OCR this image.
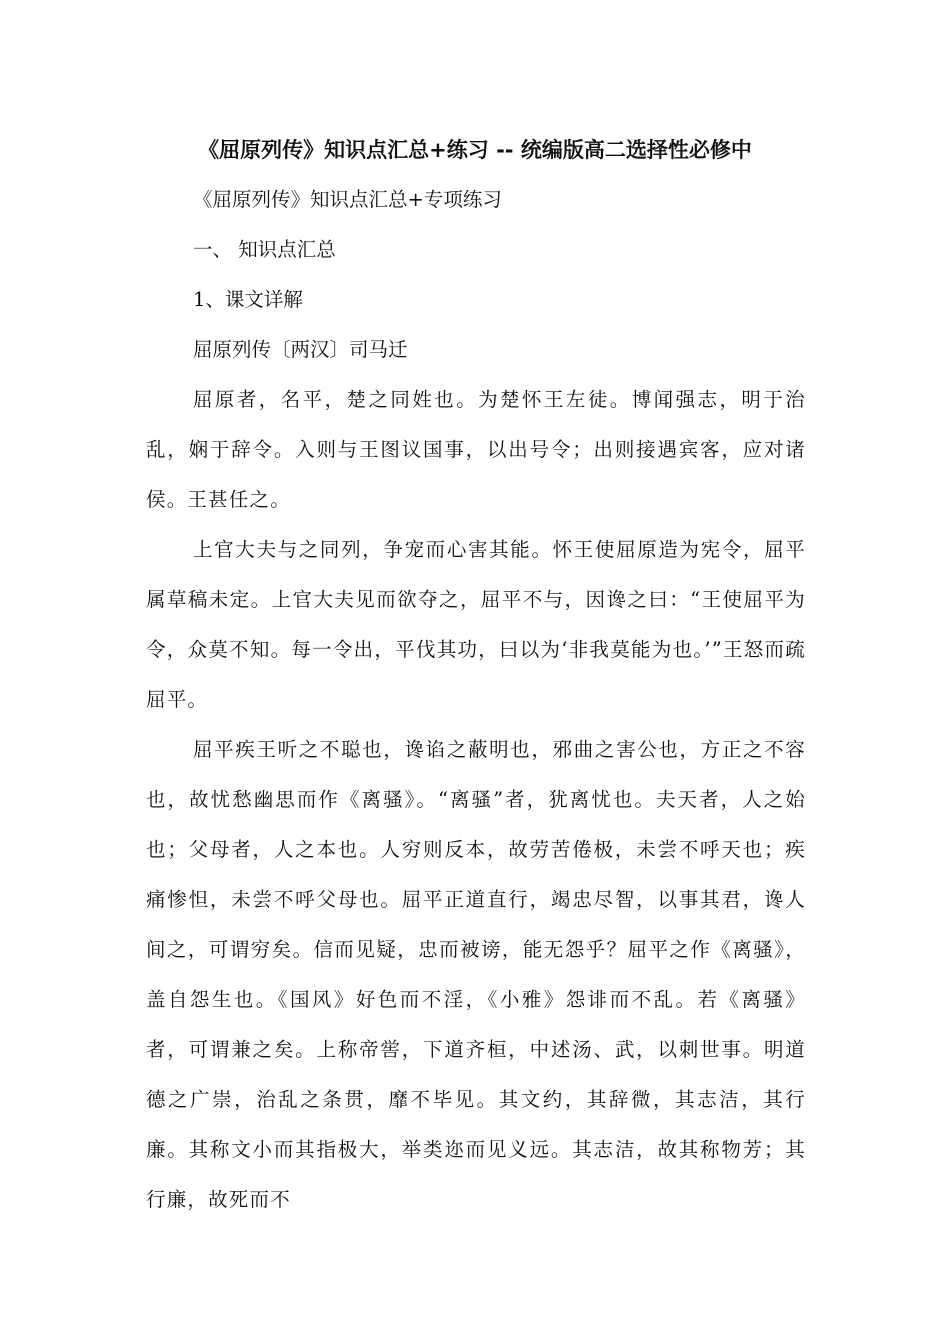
《屈原列传》知识点汇总+练习 -- 统编版高二选择性必修中

《屈原列传》知识点汇总+专项练习

一、 知识点汇总

1、课文详解

屈原列传〔两汉〕司马迁

屈原者，名平，楚之同姓也。为楚怀王左徒。博闻强志，明于治乱，娴于辞令。入则与王图议国事，以出号令；出则接遇宾客，应对诸侯。王甚任之。

上官大夫与之同列，争宠而心害其能。怀王使屈原造为宪令，屈平属草稿未定。上官大夫见而欲夺之，屈平不与，因谗之曰：“王使屈平为令，众莫不知。每一令出，平伐其功，曰以为‘非我莫能为也。’”王怒而疏屈平。

屈平疾王听之不聪也，谗谄之蔽明也，邪曲之害公也，方正之不容也，故忧愁幽思而作《离骚》。“离骚”者，犹离忧也。夫天者，人之始也；父母者，人之本也。人穷则反本，故劳苦倦极，未尝不呼天也；疾痛惨怛，未尝不呼父母也。屈平正道直行，竭忠尽智，以事其君，谗人间之，可谓穷矣。信而见疑，忠而被谤，能无怨乎？屈平之作《离骚》，盖自怨生也。《国风》好色而不淫，《小雅》怨诽而不乱。若《离骚》者，可谓兼之矣。上称帝喾，下道齐桓，中述汤、武，以刺世事。明道德之广崇，治乱之条贯，靡不毕见。其文约，其辞微，其志洁，其行廉。其称文小而其指极大，举类迩而见义远。其志洁，故其称物芳；其行廉，故死而不
